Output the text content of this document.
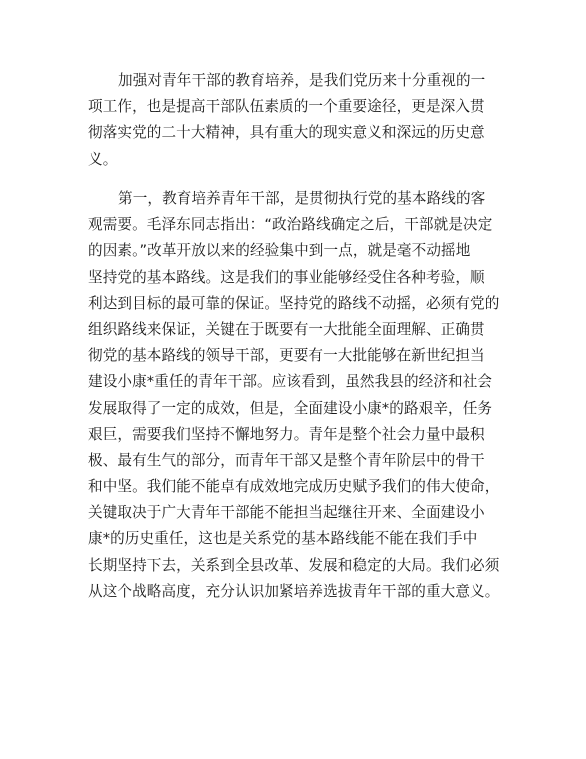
加强对青年干部的教育培养，是我们党历来十分重视的一
项工作，也是提高干部队伍素质的一个重要途径，更是深入贯
彻落实党的二十大精神，具有重大的现实意义和深远的历史意
义。
第一，教育培养青年干部，是贯彻执行党的基本路线的客
观需要。毛泽东同志指出：“政治路线确定之后，干部就是决定
的因素。”改革开放以来的经验集中到一点，就是毫不动摇地
坚持党的基本路线。这是我们的事业能够经受住各种考验，顺
利达到目标的最可靠的保证。坚持党的路线不动摇，必须有党的
组织路线来保证，关键在于既要有一大批能全面理解、正确贯
彻党的基本路线的领导干部，更要有一大批能够在新世纪担当
建设小康*重任的青年干部。应该看到，虽然我县的经济和社会
发展取得了一定的成效，但是，全面建设小康*的路艰辛，任务
艰巨，需要我们坚持不懈地努力。青年是整个社会力量中最积
极、最有生气的部分，而青年干部又是整个青年阶层中的骨干
和中坚。我们能不能卓有成效地完成历史赋予我们的伟大使命，
关键取决于广大青年干部能不能担当起继往开来、全面建设小
康*的历史重任，这也是关系党的基本路线能不能在我们手中
长期坚持下去，关系到全县改革、发展和稳定的大局。我们必须
从这个战略高度，充分认识加紧培养选拔青年干部的重大意义。
